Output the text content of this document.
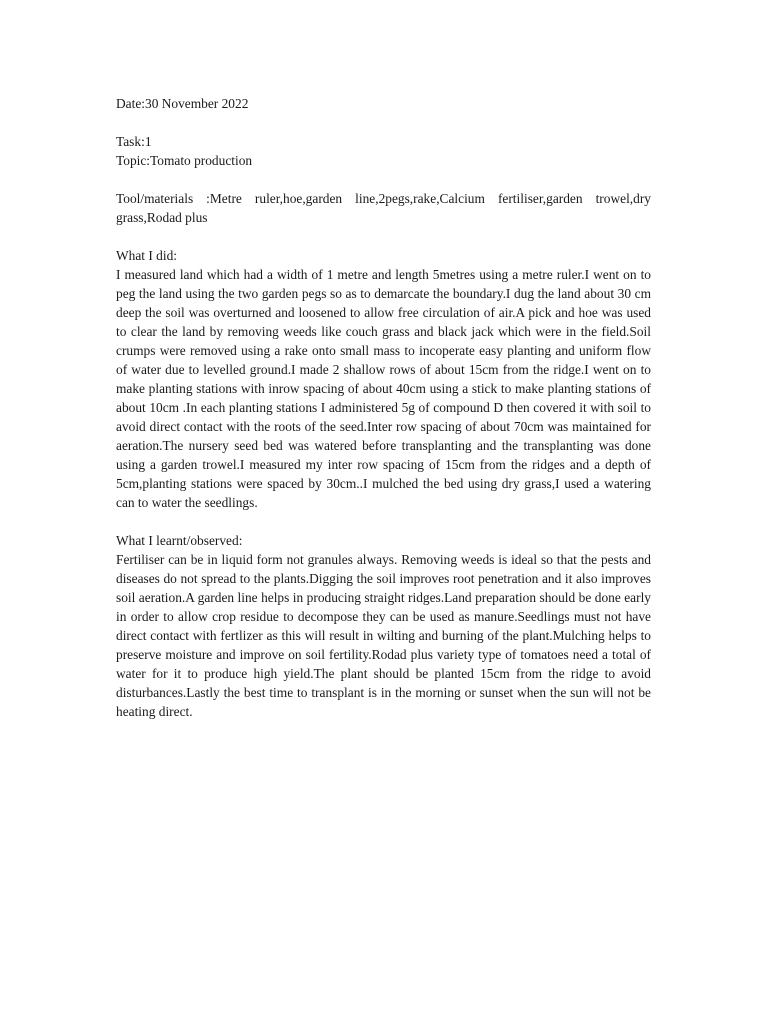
Date:30 November 2022

Task:1

Topic:Tomato production

Tool/materials :Metre ruler,hoe,garden line,2pegs,rake,Calcium fertiliser,garden trowel,dry grass,Rodad plus

What I did:

I measured land which had a width of 1 metre and length 5metres using a metre ruler.I went on to peg the land using the two garden pegs so as to demarcate the boundary.I dug the land about 30 cm deep the soil was overturned and loosened to allow free circulation of air.A pick and hoe was used to clear the land by removing weeds like couch grass and black jack which were in the field.Soil crumps were removed using a rake onto small mass to incoperate easy planting and uniform flow of water due to levelled ground.I made 2 shallow rows of about 15cm from the ridge.I went on to make planting stations with inrow spacing of about 40cm using a stick to make planting stations of about 10cm .In each planting stations I administered 5g of compound D then covered it with soil to avoid direct contact with the roots of the seed.Inter row spacing of about 70cm was maintained for aeration.The nursery seed bed was watered before transplanting and the transplanting was done using a garden trowel.I measured my inter row spacing of 15cm from the ridges and a depth of 5cm,planting stations were spaced by 30cm..I mulched the bed using dry grass,I used a watering can to water the seedlings.

What I learnt/observed:

Fertiliser can be in liquid form not granules always. Removing weeds is ideal so that the pests and diseases do not spread to the plants.Digging the soil improves root penetration and it also improves soil aeration.A garden line helps in producing straight ridges.Land preparation should be done early in order to allow crop residue to decompose they can be used as manure.Seedlings must not have direct contact with fertlizer as this will result in wilting and burning of the plant.Mulching helps to preserve moisture and improve on soil fertility.Rodad plus variety type of tomatoes need a total of water for it to produce high yield.The plant should be planted 15cm from the ridge to avoid disturbances.Lastly the best time to transplant is in the morning or sunset when the sun will not be heating direct.
